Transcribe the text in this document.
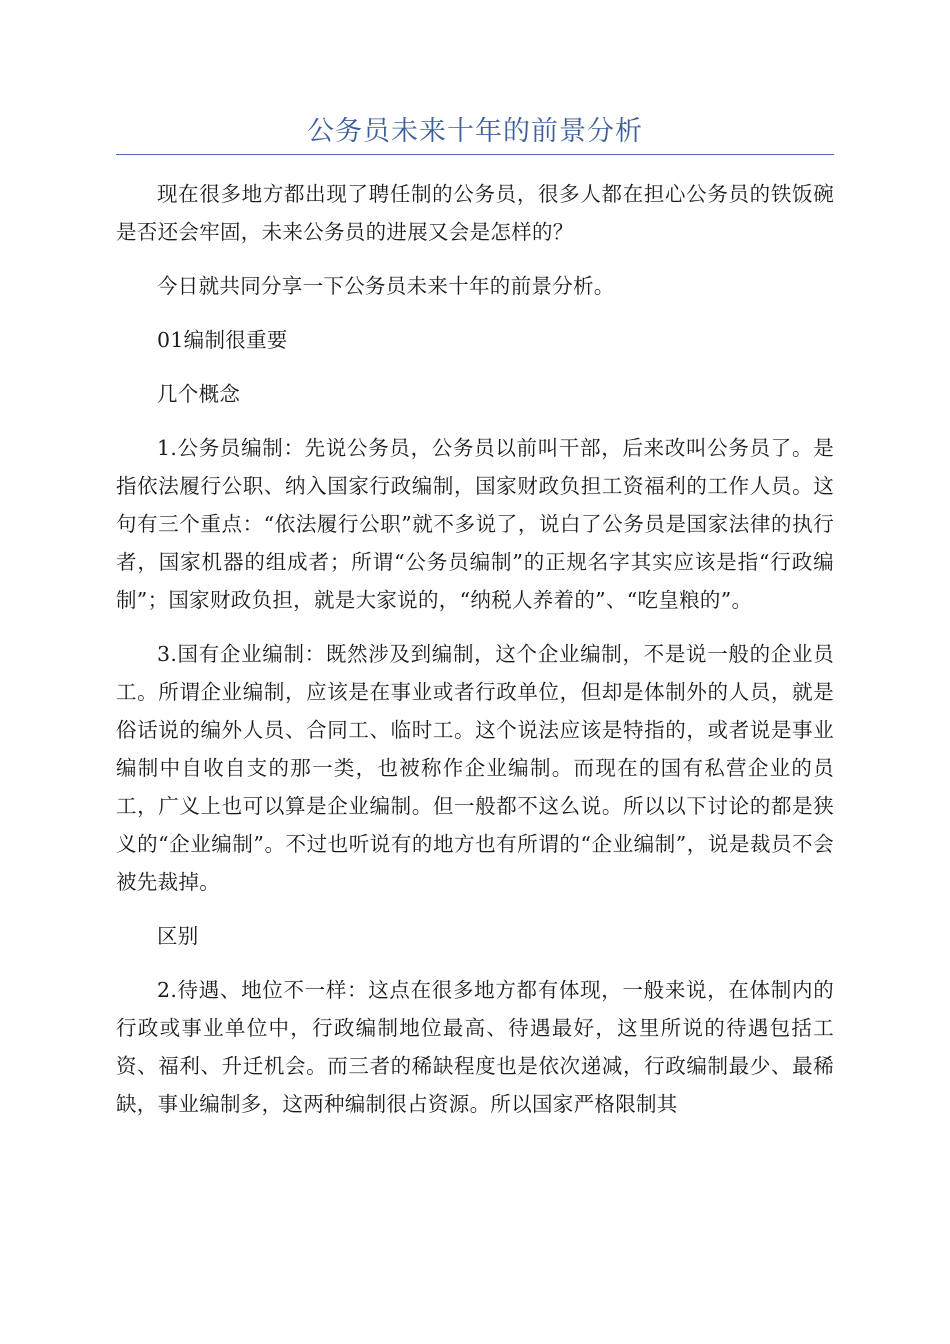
公务员未来十年的前景分析

现在很多地方都出现了聘任制的公务员，很多人都在担心公务员的铁饭碗是否还会牢固，未来公务员的进展又会是怎样的？

今日就共同分享一下公务员未来十年的前景分析。

01编制很重要

几个概念

1.公务员编制：先说公务员，公务员以前叫干部，后来改叫公务员了。是指依法履行公职、纳入国家行政编制，国家财政负担工资福利的工作人员。这句有三个重点：“依法履行公职”就不多说了，说白了公务员是国家法律的执行者，国家机器的组成者；所谓“公务员编制”的正规名字其实应该是指“行政编制”；国家财政负担，就是大家说的，“纳税人养着的”、“吃皇粮的”。

3.国有企业编制：既然涉及到编制，这个企业编制，不是说一般的企业员工。所谓企业编制，应该是在事业或者行政单位，但却是体制外的人员，就是俗话说的编外人员、合同工、临时工。这个说法应该是特指的，或者说是事业编制中自收自支的那一类，也被称作企业编制。而现在的国有私营企业的员工，广义上也可以算是企业编制。但一般都不这么说。所以以下讨论的都是狭义的“企业编制”。不过也听说有的地方也有所谓的“企业编制”，说是裁员不会被先裁掉。

区别

2.待遇、地位不一样：这点在很多地方都有体现，一般来说，在体制内的行政或事业单位中，行政编制地位最高、待遇最好，这里所说的待遇包括工资、福利、升迁机会。而三者的稀缺程度也是依次递减，行政编制最少、最稀缺，事业编制多，这两种编制很占资源。所以国家严格限制其
